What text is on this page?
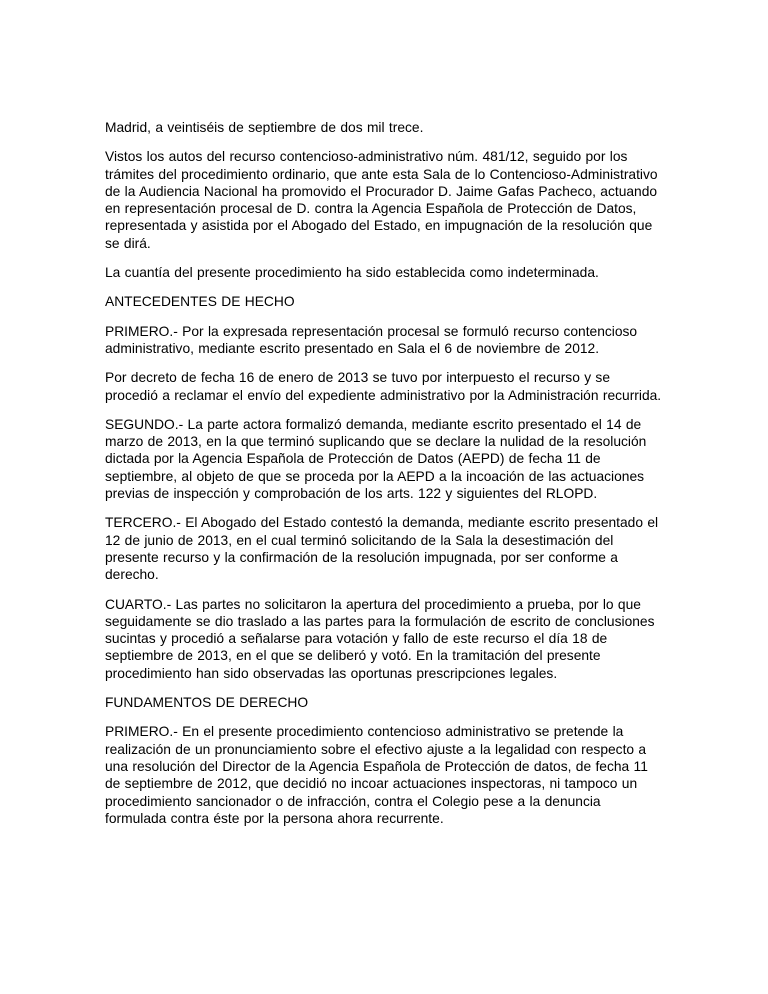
Madrid, a veintiséis de septiembre de dos mil trece.

Vistos los autos del recurso contencioso-administrativo núm. 481/12, seguido por los trámites del procedimiento ordinario, que ante esta Sala de lo Contencioso-Administrativo de la Audiencia Nacional ha promovido el Procurador D. Jaime Gafas Pacheco, actuando en representación procesal de D. contra la Agencia Española de Protección de Datos, representada y asistida por el Abogado del Estado, en impugnación de la resolución que se dirá.

La cuantía del presente procedimiento ha sido establecida como indeterminada.

ANTECEDENTES DE HECHO

PRIMERO.- Por la expresada representación procesal se formuló recurso contencioso administrativo, mediante escrito presentado en Sala el 6 de noviembre de 2012.

Por decreto de fecha 16 de enero de 2013 se tuvo por interpuesto el recurso y se procedió a reclamar el envío del expediente administrativo por la Administración recurrida.

SEGUNDO.- La parte actora formalizó demanda, mediante escrito presentado el 14 de marzo de 2013, en la que terminó suplicando que se declare la nulidad de la resolución dictada por la Agencia Española de Protección de Datos (AEPD) de fecha 11 de septiembre, al objeto de que se proceda por la AEPD a la incoación de las actuaciones previas de inspección y comprobación de los arts. 122 y siguientes del RLOPD.

TERCERO.- El Abogado del Estado contestó la demanda, mediante escrito presentado el 12 de junio de 2013, en el cual terminó solicitando de la Sala la desestimación del presente recurso y la confirmación de la resolución impugnada, por ser conforme a derecho.

CUARTO.- Las partes no solicitaron la apertura del procedimiento a prueba, por lo que seguidamente se dio traslado a las partes para la formulación de escrito de conclusiones sucintas y procedió a señalarse para votación y fallo de este recurso el día 18 de septiembre de 2013, en el que se deliberó y votó. En la tramitación del presente procedimiento han sido observadas las oportunas prescripciones legales.

FUNDAMENTOS DE DERECHO

PRIMERO.- En el presente procedimiento contencioso administrativo se pretende la realización de un pronunciamiento sobre el efectivo ajuste a la legalidad con respecto a una resolución del Director de la Agencia Española de Protección de datos, de fecha 11 de septiembre de 2012, que decidió no incoar actuaciones inspectoras, ni tampoco un procedimiento sancionador o de infracción, contra el Colegio pese a la denuncia formulada contra éste por la persona ahora recurrente.
